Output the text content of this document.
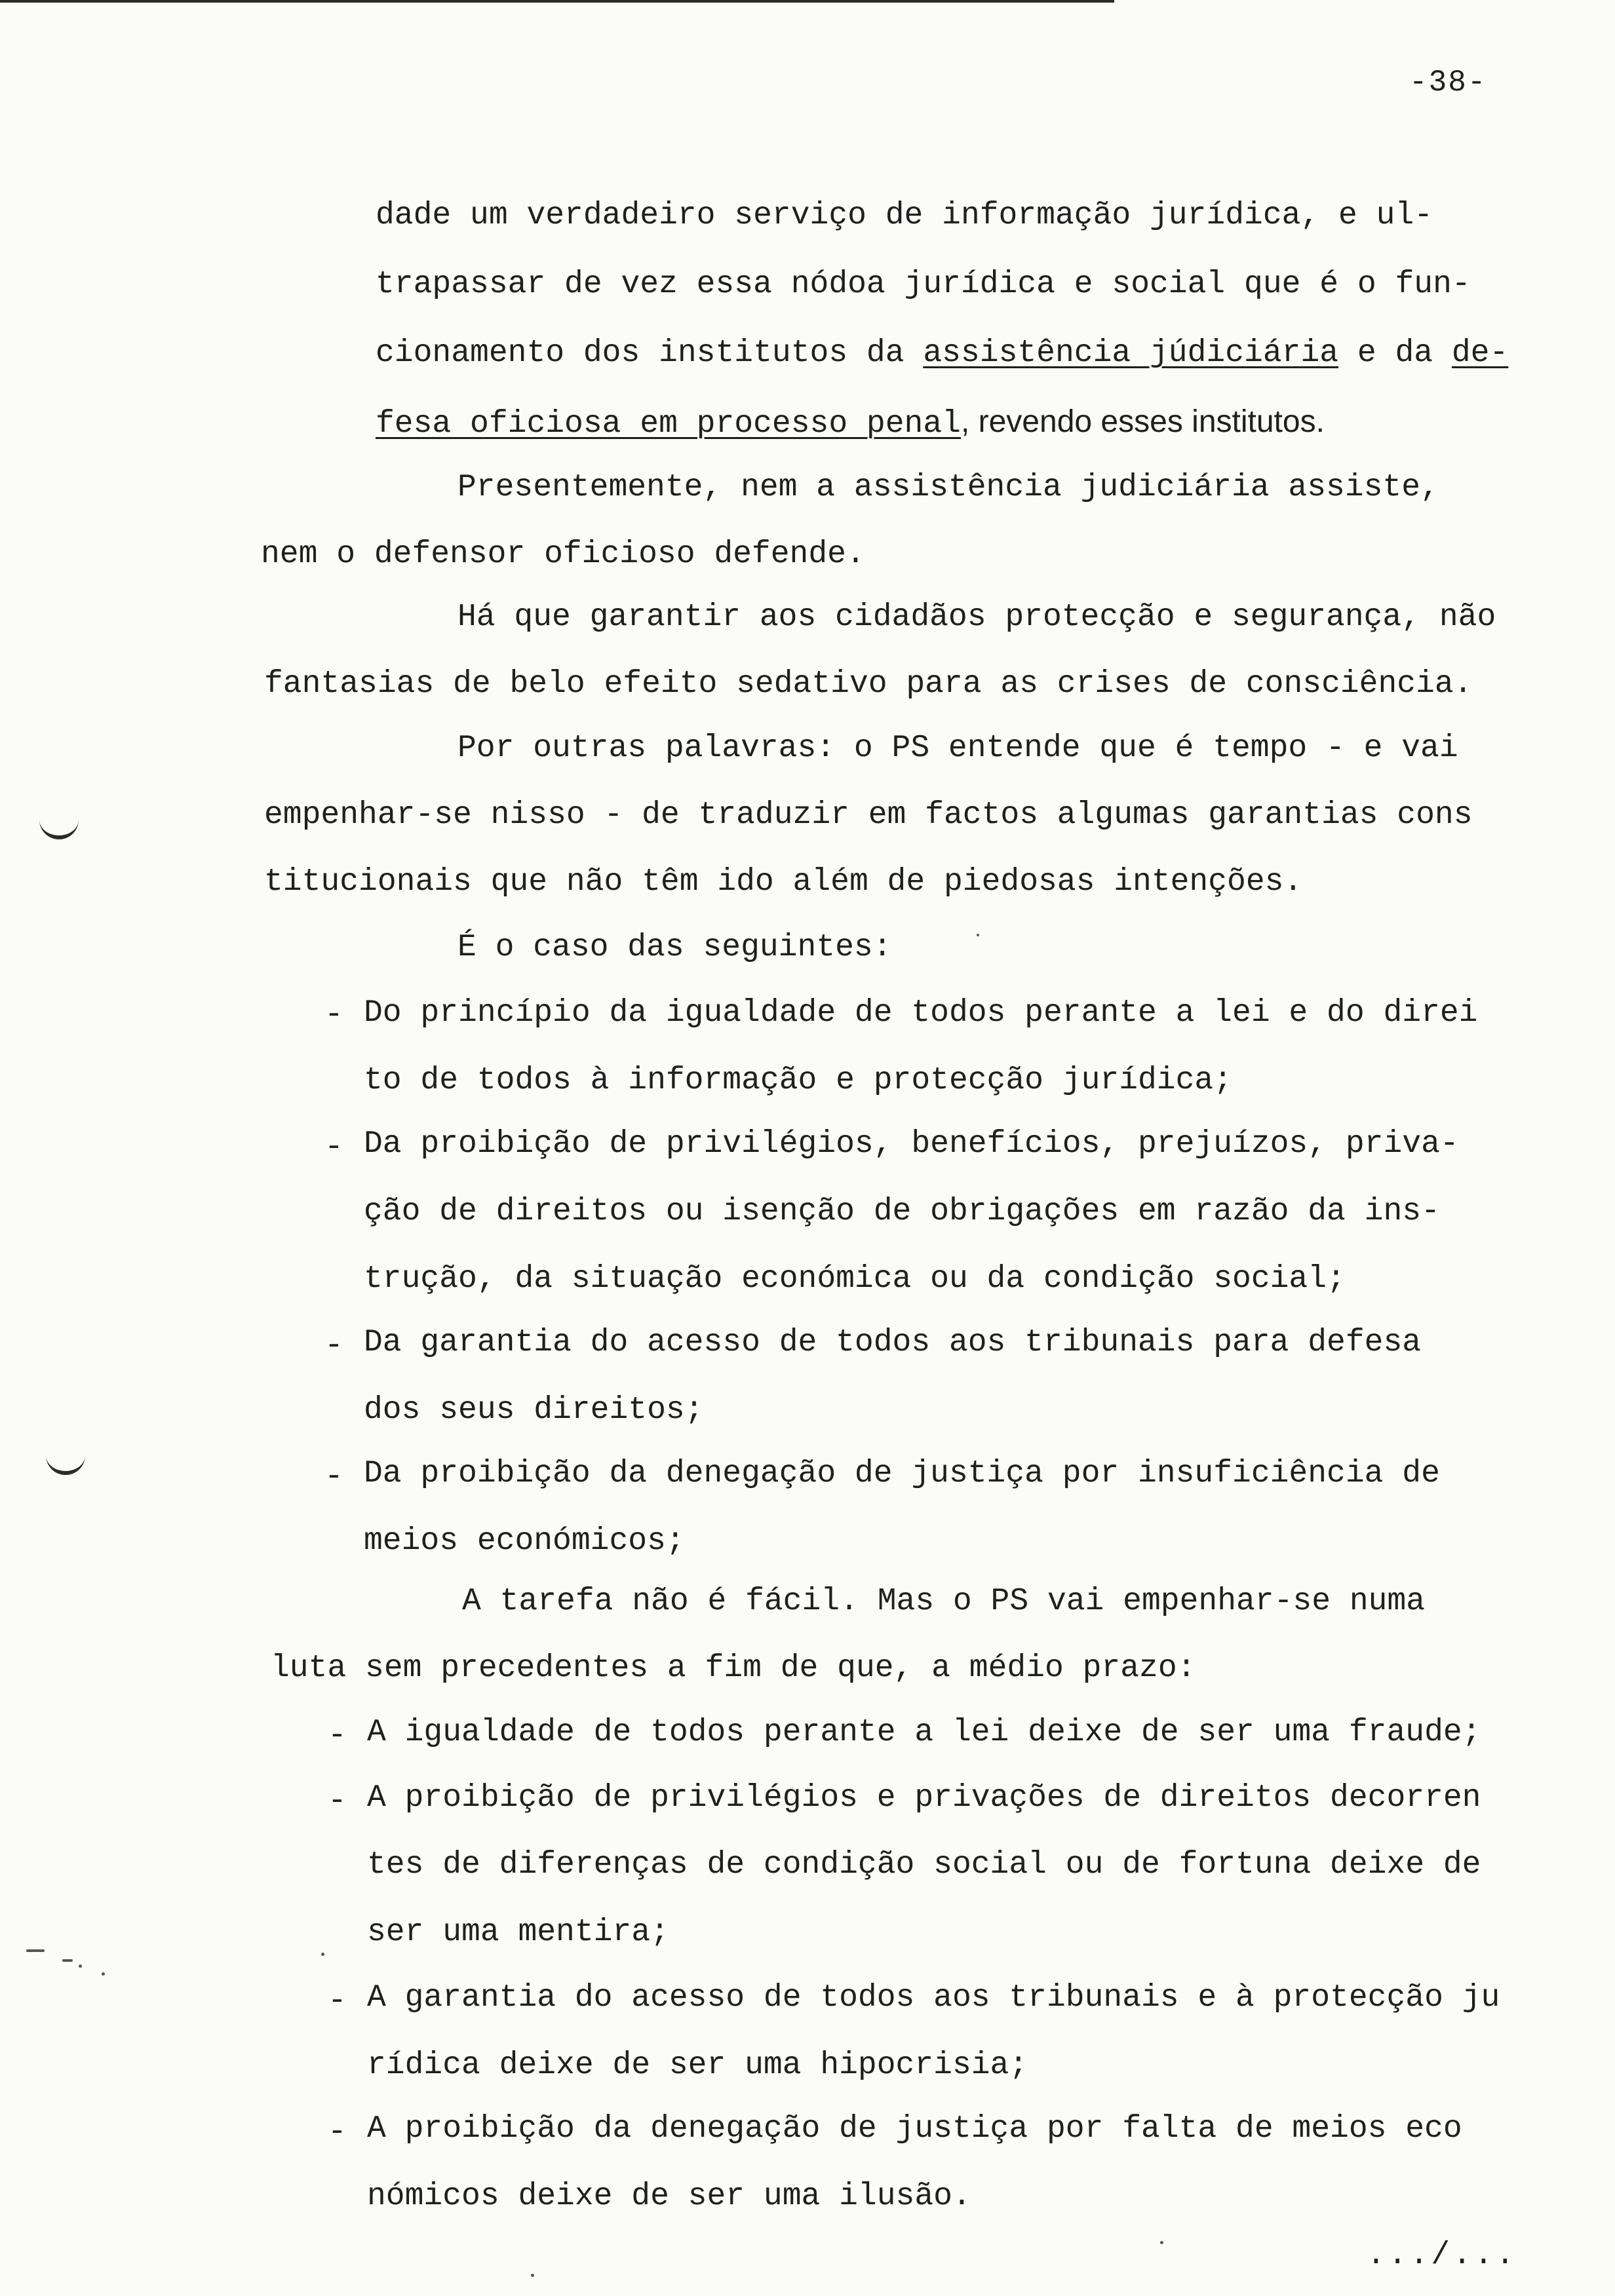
-38-
dade um verdadeiro serviço de informação jurídica, e ul-
trapassar de vez essa nódoa jurídica e social que é o fun-
cionamento dos institutos da assistência júdiciária e da de-
fesa oficiosa em processo penal, revendo esses institutos.
Presentemente, nem a assistência judiciária assiste,
nem o defensor oficioso defende.
Há que garantir aos cidadãos protecção e segurança, não
fantasias de belo efeito sedativo para as crises de consciência.
Por outras palavras: o PS entende que é tempo - e vai
empenhar-se nisso - de traduzir em factos algumas garantias cons
titucionais que não têm ido além de piedosas intenções.
É o caso das seguintes:
- Do princípio da igualdade de todos perante a lei e do direi
to de todos à informação e protecção jurídica;
- Da proibição de privilégios, benefícios, prejuízos, priva-
ção de direitos ou isenção de obrigações em razão da ins-
trução, da situação económica ou da condição social;
- Da garantia do acesso de todos aos tribunais para defesa
dos seus direitos;
- Da proibição da denegação de justiça por insuficiência de
meios económicos;
A tarefa não é fácil. Mas o PS vai empenhar-se numa
luta sem precedentes a fim de que, a médio prazo:
- A igualdade de todos perante a lei deixe de ser uma fraude;
- A proibição de privilégios e privações de direitos decorren
tes de diferenças de condição social ou de fortuna deixe de
ser uma mentira;
- A garantia do acesso de todos aos tribunais e à protecção ju
rídica deixe de ser uma hipocrisia;
- A proibição da denegação de justiça por falta de meios eco
nómicos deixe de ser uma ilusão.
.../...
